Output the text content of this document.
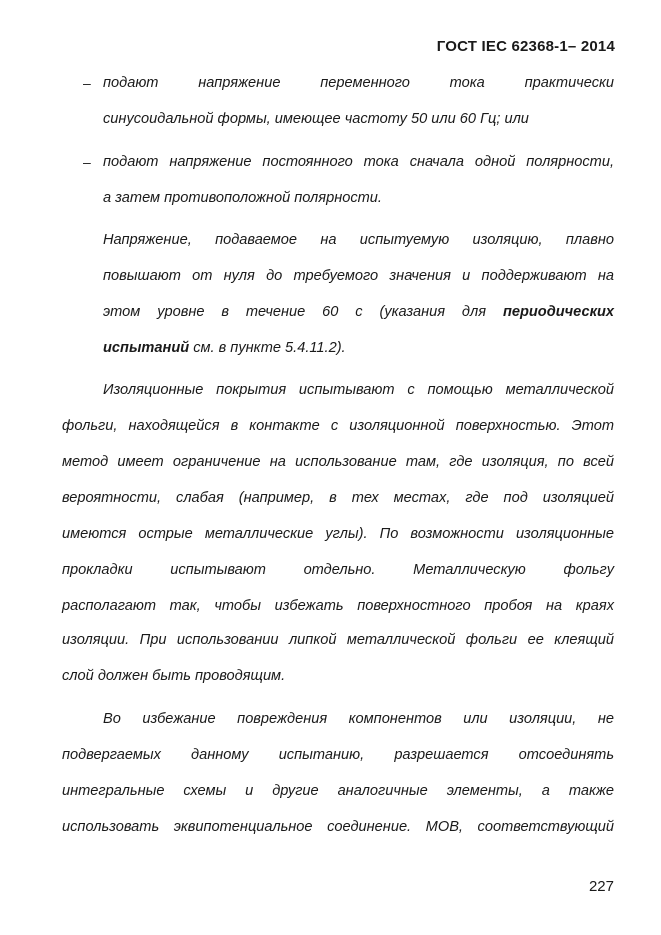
ГОСТ IEC 62368-1– 2014
– подают напряжение переменного тока практически
синусоидальной формы, имеющее частоту 50 или 60 Гц; или
– подают напряжение постоянного тока сначала одной полярности,
а затем противоположной полярности.
Напряжение, подаваемое на испытуемую изоляцию, плавно
повышают от нуля до требуемого значения и поддерживают на
этом уровне в течение 60 с (указания для периодических
испытаний см. в пункте 5.4.11.2).
Изоляционные покрытия испытывают с помощью металлической
фольги, находящейся в контакте с изоляционной поверхностью. Этот
метод имеет ограничение на использование там, где изоляция, по всей
вероятности, слабая (например, в тех местах, где под изоляцией
имеются острые металлические углы). По возможности изоляционные
прокладки испытывают отдельно. Металлическую фольгу
располагают так, чтобы избежать поверхностного пробоя на краях
изоляции. При использовании липкой металлической фольги ее клеящий
слой должен быть проводящим.
Во избежание повреждения компонентов или изоляции, не
подвергаемых данному испытанию, разрешается отсоединять
интегральные схемы и другие аналогичные элементы, а также
использовать эквипотенциальное соединение. МОВ, соответствующий
227
